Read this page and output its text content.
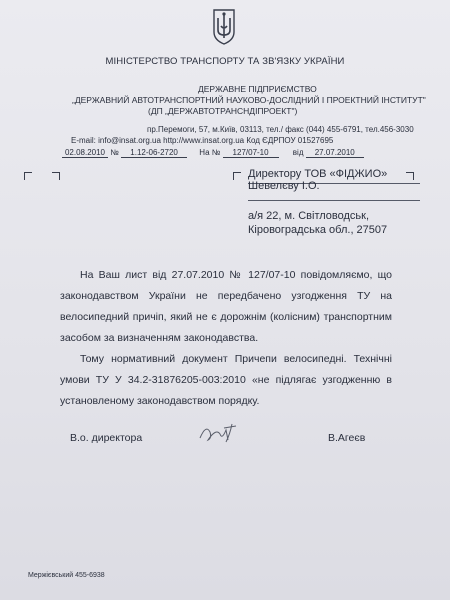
МІНІСТЕРСТВО ТРАНСПОРТУ ТА ЗВ'ЯЗКУ УКРАЇНИ
ДЕРЖАВНЕ ПІДПРИЄМСТВО
„ДЕРЖАВНИЙ АВТОТРАНСПОРТНИЙ НАУКОВО-ДОСЛІДНИЙ І ПРОЕКТНИЙ ІНСТИТУТ"
(ДП „ДЕРЖАВТОТРАНСНДІПРОЕКТ")
пр.Перемоги, 57, м.Київ, 03113, тел./ факс (044) 455-6791, тел.456-3030
E-mail: info@insat.org.ua http://www.insat.org.ua Код ЄДРПОУ 01527695
02.08.2010 № 1.12-06-2720	На № 127/07-10	від 27.07.2010
Директору ТОВ «ФІДЖИО»
Шевелєву І.О.
а/я 22, м. Світловодськ,
Кіровоградська обл., 27507

На Ваш лист від 27.07.2010 № 127/07-10 повідомляємо, що законодавством України не передбачено узгодження ТУ на велосипедний причіп, який не є дорожнім (колісним) транспортним засобом за визначенням законодавства.

Тому нормативний документ Причепи велосипедні. Технічні умови ТУ У 34.2-31876205-003:2010 «не підлягає узгодженню в установленому законодавством порядку.

В.о. директора	В.Агеєв
Мержієвський 455-6938
